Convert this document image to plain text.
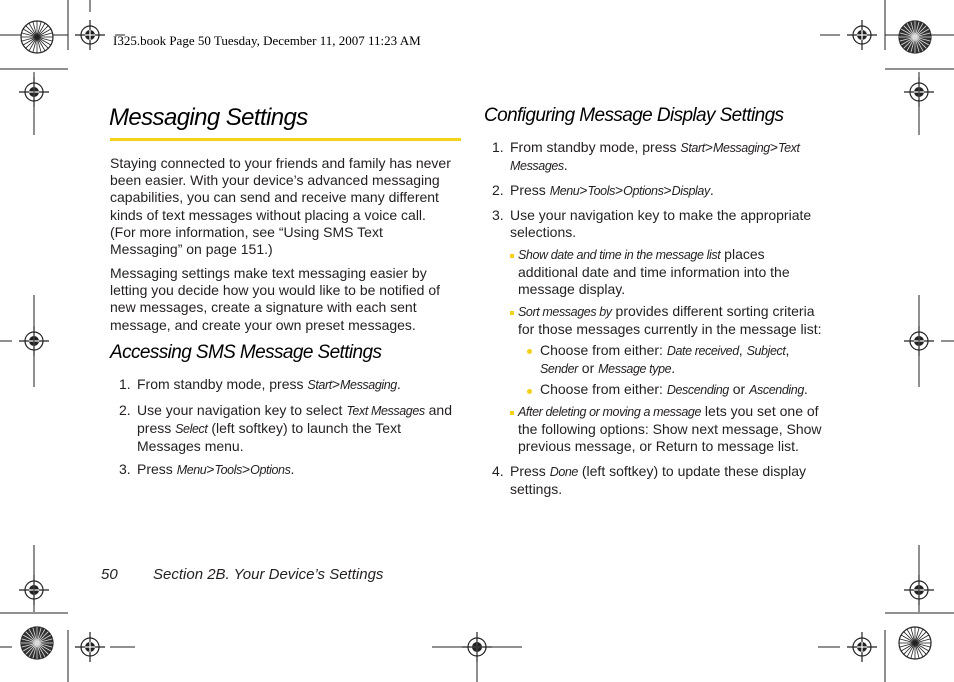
I325.book Page 50 Tuesday, December 11, 2007 11:23 AM
Messaging Settings
Staying connected to your friends and family has never
been easier. With your device’s advanced messaging
capabilities, you can send and receive many different
kinds of text messages without placing a voice call.
(For more information, see “Using SMS Text
Messaging” on page 151.)
Messaging settings make text messaging easier by
letting you decide how you would like to be notified of
new messages, create a signature with each sent
message, and create your own preset messages.
Accessing SMS Message Settings
1. From standby mode, press Start>Messaging.
2. Use your navigation key to select Text Messages and
press Select (left softkey) to launch the Text
Messages menu.
3. Press Menu>Tools>Options.
Configuring Message Display Settings
1. From standby mode, press Start>Messaging>Text
Messages.
2. Press Menu>Tools>Options>Display.
3. Use your navigation key to make the appropriate
selections.
Show date and time in the message list places
additional date and time information into the
message display.
Sort messages by provides different sorting criteria
for those messages currently in the message list:
Choose from either: Date received, Subject,
Sender or Message type.
Choose from either: Descending or Ascending.
After deleting or moving a message lets you set one of
the following options: Show next message, Show
previous message, or Return to message list.
4. Press Done (left softkey) to update these display
settings.
50 Section 2B. Your Device’s Settings
